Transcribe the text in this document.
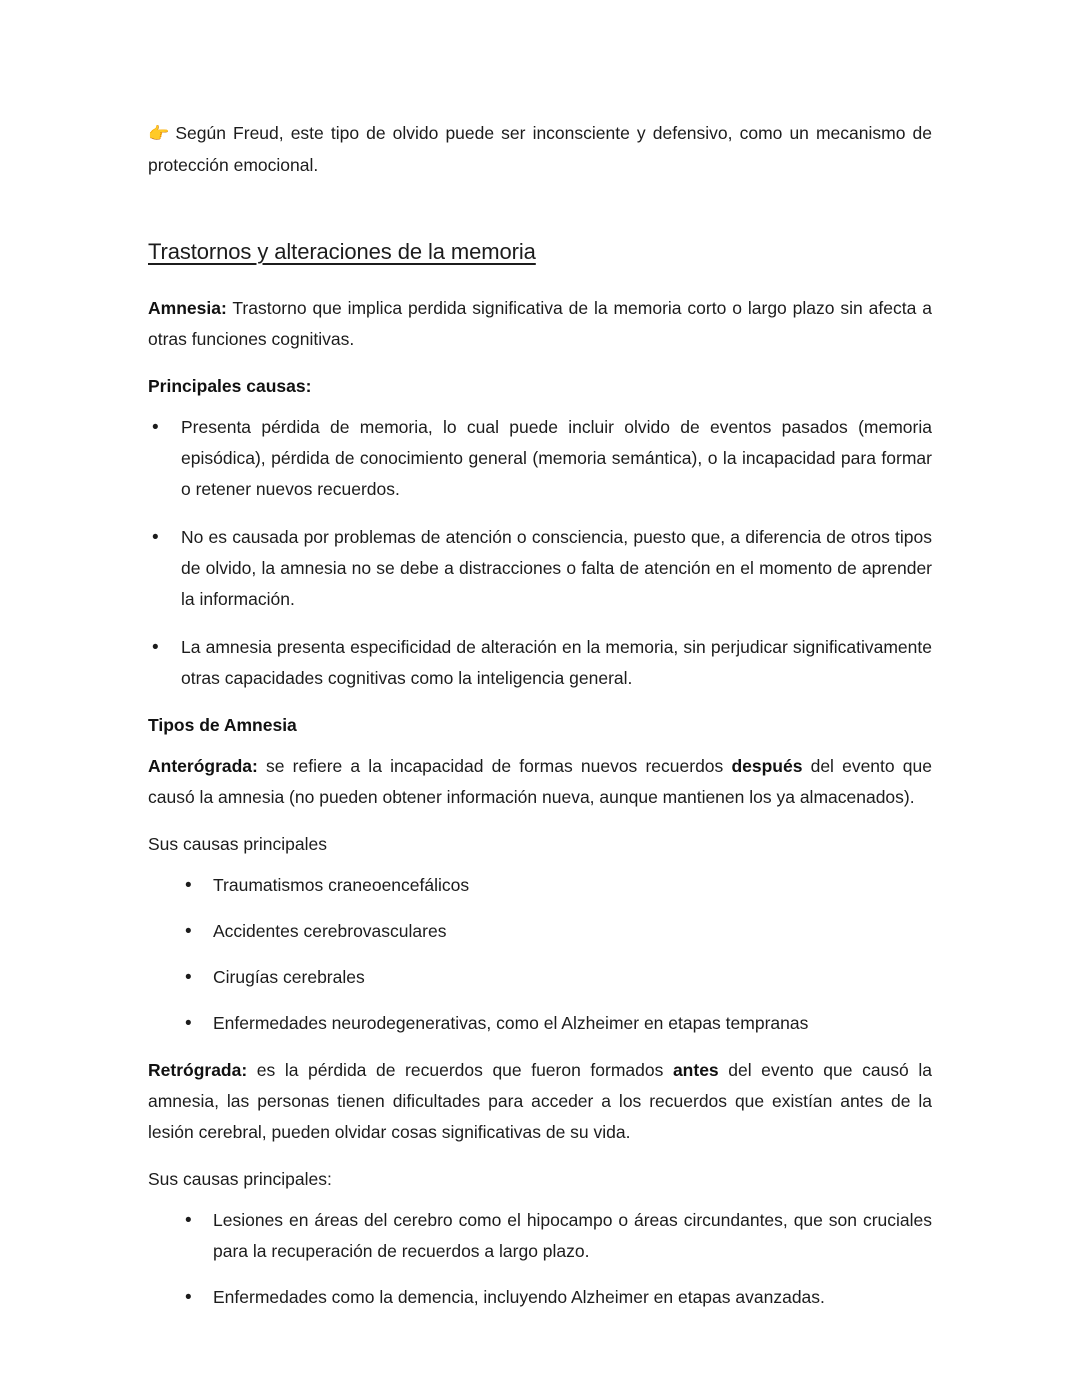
👉 Según Freud, este tipo de olvido puede ser inconsciente y defensivo, como un mecanismo de protección emocional.

Trastornos y alteraciones de la memoria

Amnesia: Trastorno que implica perdida significativa de la memoria corto o largo plazo sin afecta a otras funciones cognitivas.

Principales causas:
• Presenta pérdida de memoria, lo cual puede incluir olvido de eventos pasados (memoria episódica), pérdida de conocimiento general (memoria semántica), o la incapacidad para formar o retener nuevos recuerdos.
• No es causada por problemas de atención o consciencia, puesto que, a diferencia de otros tipos de olvido, la amnesia no se debe a distracciones o falta de atención en el momento de aprender la información.
• La amnesia presenta especificidad de alteración en la memoria, sin perjudicar significativamente otras capacidades cognitivas como la inteligencia general.
Tipos de Amnesia

Anterógrada: se refiere a la incapacidad de formas nuevos recuerdos después del evento que causó la amnesia (no pueden obtener información nueva, aunque mantienen los ya almacenados).

Sus causas principales

• Traumatismos craneoencefálicos
• Accidentes cerebrovasculares
• Cirugías cerebrales
• Enfermedades neurodegenerativas, como el Alzheimer en etapas tempranas

Retrógrada: es la pérdida de recuerdos que fueron formados antes del evento que causó la amnesia, las personas tienen dificultades para acceder a los recuerdos que existían antes de la lesión cerebral, pueden olvidar cosas significativas de su vida.

Sus causas principales:

• Lesiones en áreas del cerebro como el hipocampo o áreas circundantes, que son cruciales para la recuperación de recuerdos a largo plazo.
• Enfermedades como la demencia, incluyendo Alzheimer en etapas avanzadas.
